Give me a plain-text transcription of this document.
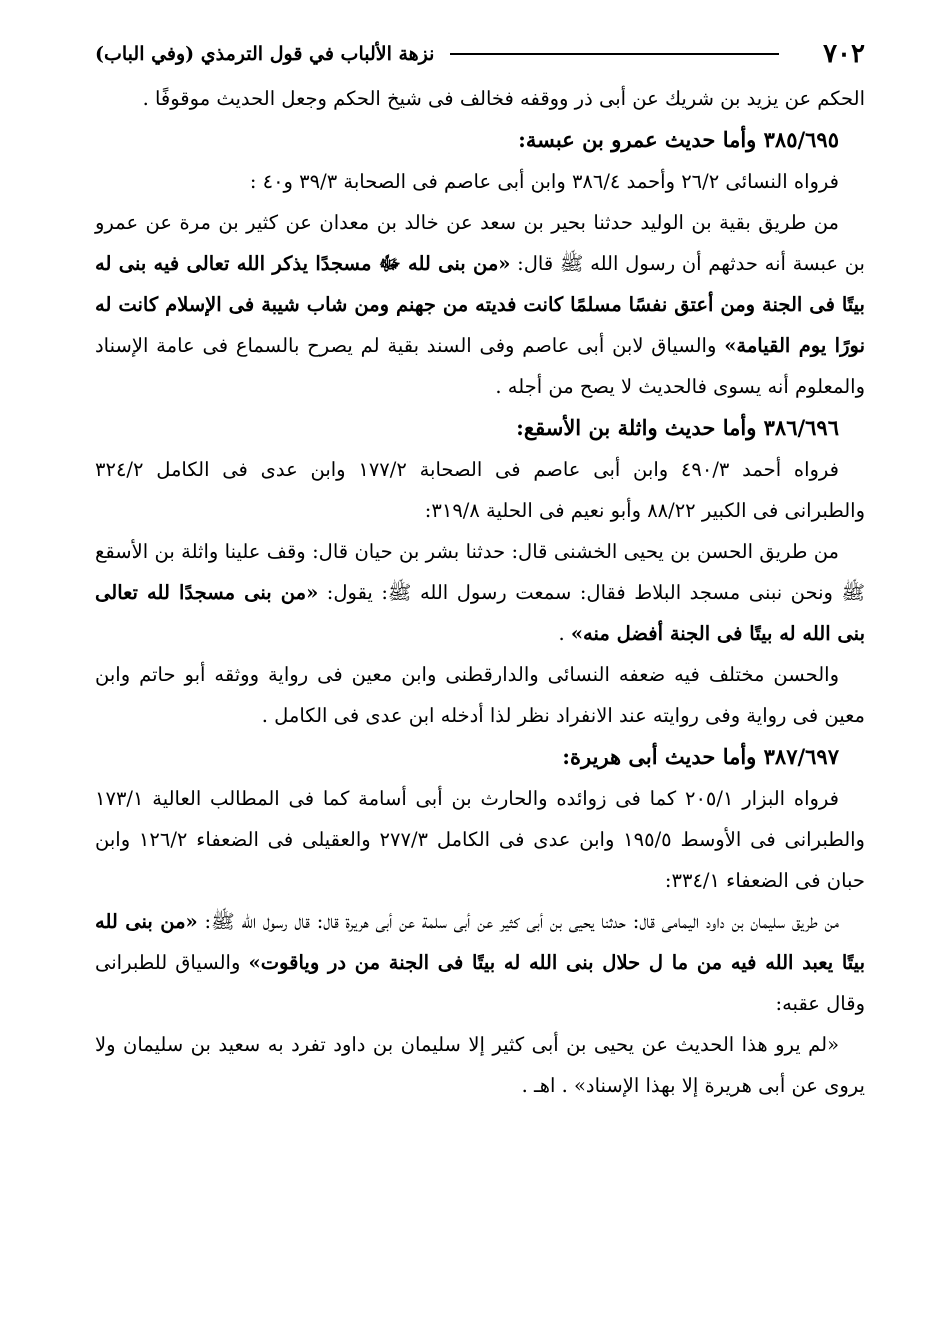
٧٠٢
نزهة الألباب في قول الترمذي (وفي الباب)

الحكم عن يزيد بن شريك عن أبى ذر ووقفه فخالف فى شيخ الحكم وجعل الحديث موقوفًا .

٣٨٥/٦٩٥ وأما حديث عمرو بن عبسة:

فرواه النسائى ٢٦/٢ وأحمد ٣٨٦/٤ وابن أبى عاصم فى الصحابة ٣٩/٣ و٤٠ :

من طريق بقية بن الوليد حدثنا بحير بن سعد عن خالد بن معدان عن كثير بن مرة عن عمرو بن عبسة أنه حدثهم أن رسول الله ﷺ قال: «من بنى لله ﷻ مسجدًا يذكر الله تعالى فيه بنى له بيتًا فى الجنة ومن أعتق نفسًا مسلمًا كانت فديته من جهنم ومن شاب شيبة فى الإسلام كانت له نورًا يوم القيامة» والسياق لابن أبى عاصم وفى السند بقية لم يصرح بالسماع فى عامة الإسناد والمعلوم أنه يسوى فالحديث لا يصح من أجله .

٣٨٦/٦٩٦ وأما حديث واثلة بن الأسقع:

فرواه أحمد ٤٩٠/٣ وابن أبى عاصم فى الصحابة ١٧٧/٢ وابن عدى فى الكامل ٣٢٤/٢ والطبرانى فى الكبير ٨٨/٢٢ وأبو نعيم فى الحلية ٣١٩/٨:

من طريق الحسن بن يحيى الخشنى قال: حدثنا بشر بن حيان قال: وقف علينا واثلة بن الأسقع ﷺ ونحن نبنى مسجد البلاط فقال: سمعت رسول الله ﷺ: يقول: «من بنى مسجدًا لله تعالى بنى الله له بيتًا فى الجنة أفضل منه» .

والحسن مختلف فيه ضعفه النسائى والدارقطنى وابن معين فى رواية ووثقه أبو حاتم وابن معين فى رواية وفى روايته عند الانفراد نظر لذا أدخله ابن عدى فى الكامل .

٣٨٧/٦٩٧ وأما حديث أبى هريرة:

فرواه البزار ٢٠٥/١ كما فى زوائده والحارث بن أبى أسامة كما فى المطالب العالية ١٧٣/١ والطبرانى فى الأوسط ١٩٥/٥ وابن عدى فى الكامل ٢٧٧/٣ والعقيلى فى الضعفاء ١٢٦/٢ وابن حبان فى الضعفاء ٣٣٤/١:

من طريق سليمان بن داود اليمامى قال: حدثنا يحيى بن أبى كثير عن أبى سلمة عن أبى هريرة قال: قال رسول الله ﷺ: «من بنى لله بيتًا يعبد الله فيه من ما ل حلال بنى الله له بيتًا فى الجنة من در وياقوت» والسياق للطبرانى وقال عقبه:

«لم يرو هذا الحديث عن يحيى بن أبى كثير إلا سليمان بن داود تفرد به سعيد بن سليمان ولا يروى عن أبى هريرة إلا بهذا الإسناد» . اهـ .
